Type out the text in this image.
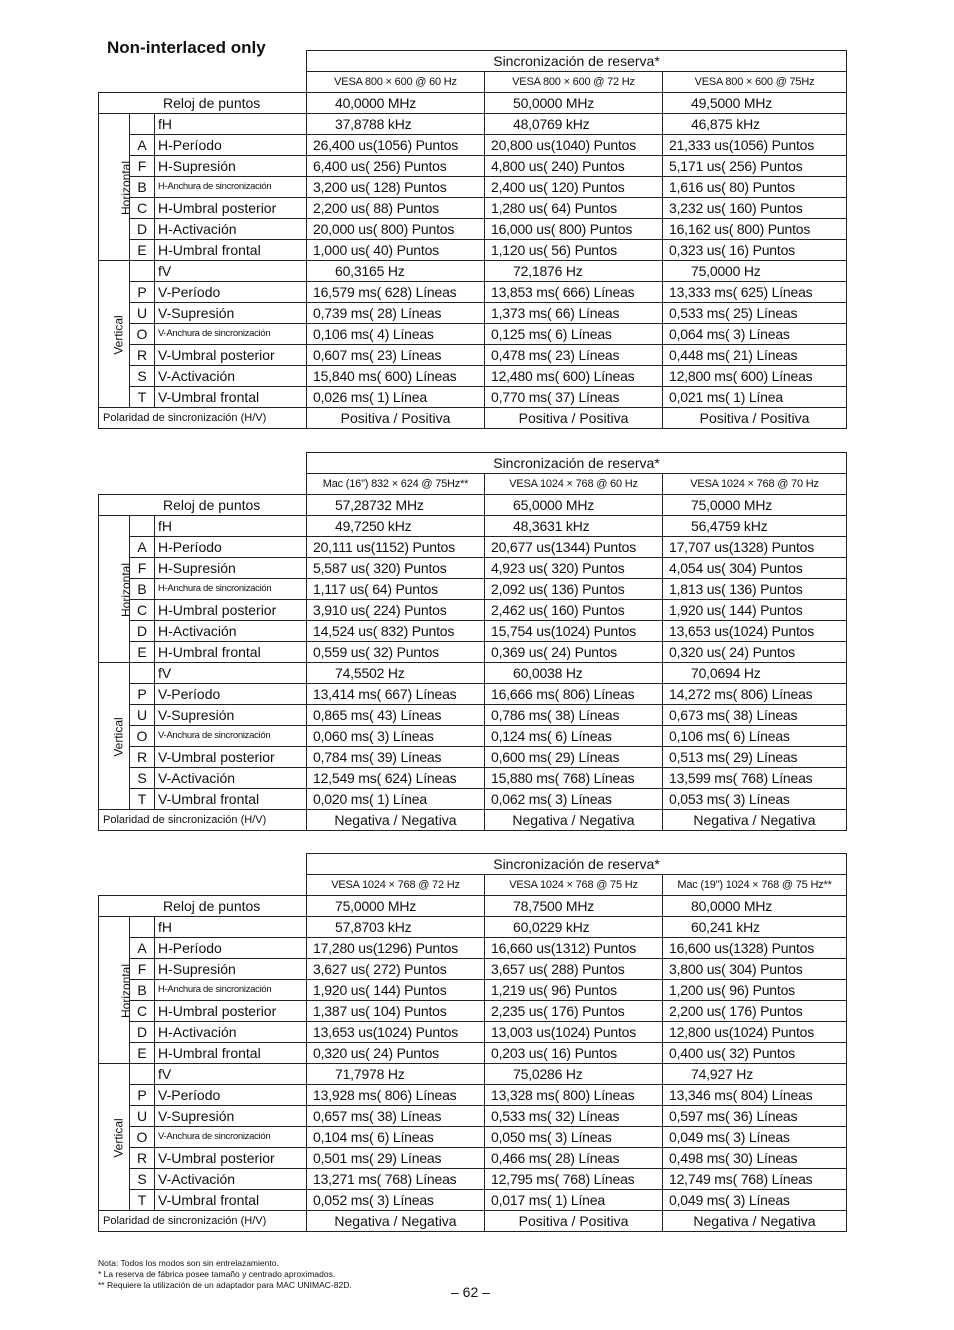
Non-interlaced only
			Sincronización de reserva*		
			VESA 800 × 600 @ 60 Hz	VESA 800 × 600 @ 72 Hz	VESA 800 × 600 @ 75Hz
Reloj de puntos			40,0000 MHz	50,0000 MHz	49,5000 MHz
Horizontal		fH	37,8788 kHz	48,0769 kHz	46,875 kHz
	A	H-Período	26,400 us(1056) Puntos	20,800 us(1040) Puntos	21,333 us(1056) Puntos
	F	H-Supresión	6,400 us( 256) Puntos	4,800 us( 240) Puntos	5,171 us( 256) Puntos
	B	H-Anchura de sincronización	3,200 us( 128) Puntos	2,400 us( 120) Puntos	1,616 us( 80) Puntos
	C	H-Umbral posterior	2,200 us( 88) Puntos	1,280 us( 64) Puntos	3,232 us( 160) Puntos
	D	H-Activación	20,000 us( 800) Puntos	16,000 us( 800) Puntos	16,162 us( 800) Puntos
	E	H-Umbral frontal	1,000 us( 40) Puntos	1,120 us( 56) Puntos	0,323 us( 16) Puntos
Vertical		fV	60,3165 Hz	72,1876 Hz	75,0000 Hz
	P	V-Período	16,579 ms( 628) Líneas	13,853 ms( 666) Líneas	13,333 ms( 625) Líneas
	U	V-Supresión	0,739 ms( 28) Líneas	1,373 ms( 66) Líneas	0,533 ms( 25) Líneas
	O	V-Anchura de sincronización	0,106 ms( 4) Líneas	0,125 ms( 6) Líneas	0,064 ms( 3) Líneas
	R	V-Umbral posterior	0,607 ms( 23) Líneas	0,478 ms( 23) Líneas	0,448 ms( 21) Líneas
	S	V-Activación	15,840 ms( 600) Líneas	12,480 ms( 600) Líneas	12,800 ms( 600) Líneas
	T	V-Umbral frontal	0,026 ms( 1) Línea	0,770 ms( 37) Líneas	0,021 ms( 1) Línea
Polaridad de sincronización (H/V)			Positiva / Positiva	Positiva / Positiva	Positiva / Positiva
			Sincronización de reserva*		
			Mac (16") 832 × 624 @ 75Hz**	VESA 1024 × 768 @ 60 Hz	VESA 1024 × 768 @ 70 Hz
Reloj de puntos			57,28732 MHz	65,0000 MHz	75,0000 MHz
Horizontal		fH	49,7250 kHz	48,3631 kHz	56,4759 kHz
	A	H-Período	20,111 us(1152) Puntos	20,677 us(1344) Puntos	17,707 us(1328) Puntos
	F	H-Supresión	5,587 us( 320) Puntos	4,923 us( 320) Puntos	4,054 us( 304) Puntos
	B	H-Anchura de sincronización	1,117 us( 64) Puntos	2,092 us( 136) Puntos	1,813 us( 136) Puntos
	C	H-Umbral posterior	3,910 us( 224) Puntos	2,462 us( 160) Puntos	1,920 us( 144) Puntos
	D	H-Activación	14,524 us( 832) Puntos	15,754 us(1024) Puntos	13,653 us(1024) Puntos
	E	H-Umbral frontal	0,559 us( 32) Puntos	0,369 us( 24) Puntos	0,320 us( 24) Puntos
Vertical		fV	74,5502 Hz	60,0038 Hz	70,0694 Hz
	P	V-Período	13,414 ms( 667) Líneas	16,666 ms( 806) Líneas	14,272 ms( 806) Líneas
	U	V-Supresión	0,865 ms( 43) Líneas	0,786 ms( 38) Líneas	0,673 ms( 38) Líneas
	O	V-Anchura de sincronización	0,060 ms( 3) Líneas	0,124 ms( 6) Líneas	0,106 ms( 6) Líneas
	R	V-Umbral posterior	0,784 ms( 39) Líneas	0,600 ms( 29) Líneas	0,513 ms( 29) Líneas
	S	V-Activación	12,549 ms( 624) Líneas	15,880 ms( 768) Líneas	13,599 ms( 768) Líneas
	T	V-Umbral frontal	0,020 ms( 1) Línea	0,062 ms( 3) Líneas	0,053 ms( 3) Líneas
Polaridad de sincronización (H/V)			Negativa / Negativa	Negativa / Negativa	Negativa / Negativa
			Sincronización de reserva*		
			VESA 1024 × 768 @ 72 Hz	VESA 1024 × 768 @ 75 Hz	Mac (19") 1024 × 768 @ 75 Hz**
Reloj de puntos			75,0000 MHz	78,7500 MHz	80,0000 MHz
Horizontal		fH	57,8703 kHz	60,0229 kHz	60,241 kHz
	A	H-Período	17,280 us(1296) Puntos	16,660 us(1312) Puntos	16,600 us(1328) Puntos
	F	H-Supresión	3,627 us( 272) Puntos	3,657 us( 288) Puntos	3,800 us( 304) Puntos
	B	H-Anchura de sincronización	1,920 us( 144) Puntos	1,219 us( 96) Puntos	1,200 us( 96) Puntos
	C	H-Umbral posterior	1,387 us( 104) Puntos	2,235 us( 176) Puntos	2,200 us( 176) Puntos
	D	H-Activación	13,653 us(1024) Puntos	13,003 us(1024) Puntos	12,800 us(1024) Puntos
	E	H-Umbral frontal	0,320 us( 24) Puntos	0,203 us( 16) Puntos	0,400 us( 32) Puntos
Vertical		fV	71,7978 Hz	75,0286 Hz	74,927 Hz
	P	V-Período	13,928 ms( 806) Líneas	13,328 ms( 800) Líneas	13,346 ms( 804) Líneas
	U	V-Supresión	0,657 ms( 38) Líneas	0,533 ms( 32) Líneas	0,597 ms( 36) Líneas
	O	V-Anchura de sincronización	0,104 ms( 6) Líneas	0,050 ms( 3) Líneas	0,049 ms( 3) Líneas
	R	V-Umbral posterior	0,501 ms( 29) Líneas	0,466 ms( 28) Líneas	0,498 ms( 30) Líneas
	S	V-Activación	13,271 ms( 768) Líneas	12,795 ms( 768) Líneas	12,749 ms( 768) Líneas
	T	V-Umbral frontal	0,052 ms( 3) Líneas	0,017 ms( 1) Línea	0,049 ms( 3) Líneas
Polaridad de sincronización (H/V)			Negativa / Negativa	Positiva / Positiva	Negativa / Negativa
Nota: Todos los modos son sin entrelazamiento.
* La reserva de fábrica posee tamaño y centrado aproximados.
** Requiere la utilización de un adaptador para MAC UNIMAC-82D.	– 62 –
